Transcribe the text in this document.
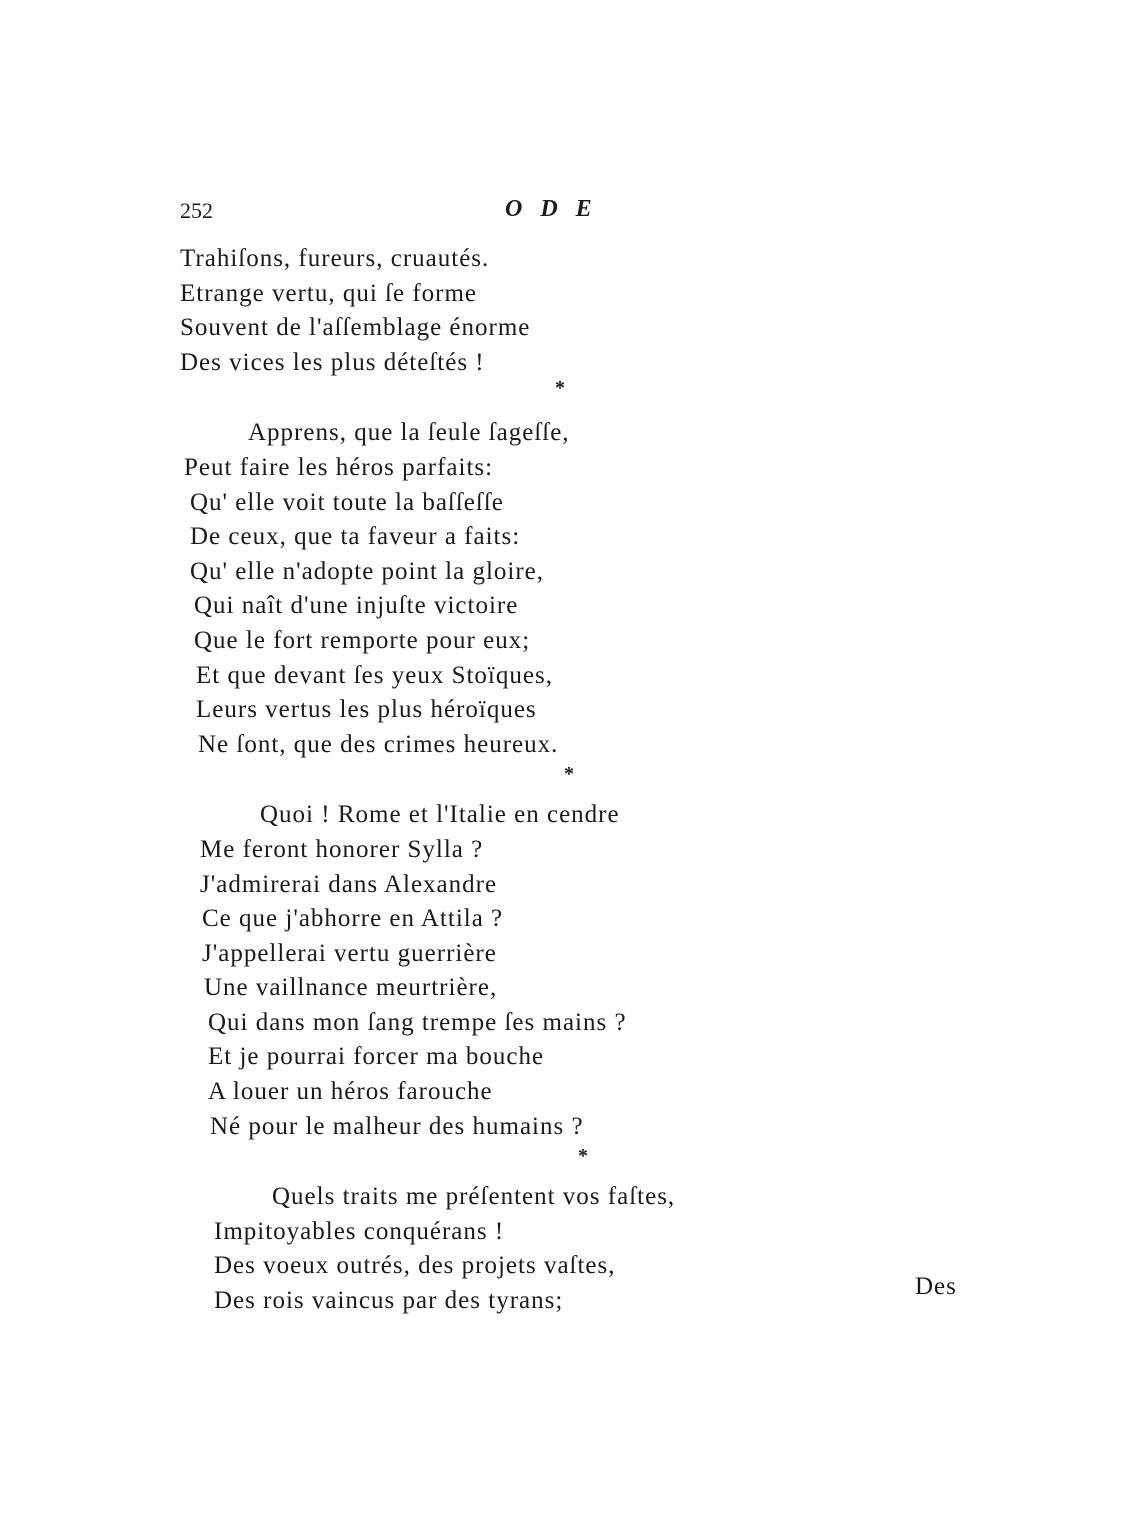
252	ODE
Trahiſons, fureurs, cruautés.
Etrange vertu, qui ſe forme
Souvent de l'aſſemblage énorme
Des vices les plus déteſtés !
*
Apprens, que la ſeule ſageſſe,
Peut faire les héros parfaits:
Qu' elle voit toute la baſſeſſe
De ceux, que ta faveur a faits:
Qu' elle n'adopte point la gloire,
Qui naît d'une injuſte victoire
Que le fort remporte pour eux;
Et que devant ſes yeux Stoïques,
Leurs vertus les plus héroïques
Ne ſont, que des crimes heureux.
*
Quoi ! Rome et l'Italie en cendre
Me feront honorer Sylla ?
J'admirerai dans Alexandre
Ce que j'abhorre en Attila ?
J'appellerai vertu guerrière
Une vaillnance meurtrière,
Qui dans mon ſang trempe ſes mains ?
Et je pourrai forcer ma bouche
A louer un héros farouche
Né pour le malheur des humains ?
*
Quels traits me préſentent vos faſtes,
Impitoyables conquérans !
Des voeux outrés, des projets vaſtes,
Des rois vaincus par des tyrans;
Des
